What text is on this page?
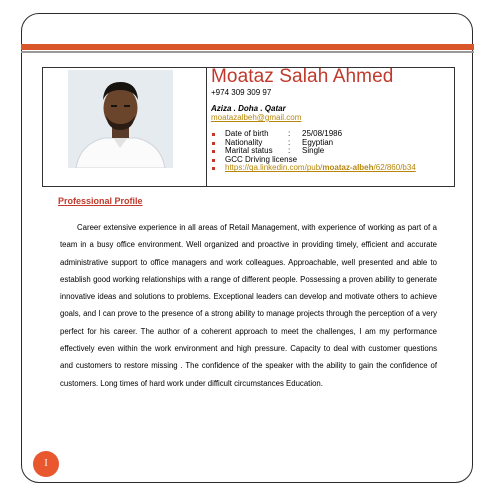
Moataz Salah Ahmed
+974 309 309 97
Aziza . Doha . Qatar
moatazalbeh@gmail.com
Date of birth : 25/08/1986
Nationality	: Egyptian
Marital status : Single
GCC Driving license
https://qa.linkedin.com/pub/moataz-albeh/62/860/b34
Professional Profile

Career extensive experience in all areas of Retail Management, with experience of working as part of a team in a busy office environment. Well organized and proactive in providing timely, efficient and accurate administrative support to office managers and work colleagues. Approachable, well presented and able to establish good working relationships with a range of different people. Possessing a proven ability to generate innovative ideas and solutions to problems. Exceptional leaders can develop and motivate others to achieve goals, and I can prove to the presence of a strong ability to manage projects through the perception of a very perfect for his career. The author of a coherent approach to meet the challenges, I am my performance effectively even within the work environment and high pressure. Capacity to deal with customer questions and customers to restore missing . The confidence of the speaker with the ability to gain the confidence of customers. Long times of hard work under difficult circumstances Education.

I
